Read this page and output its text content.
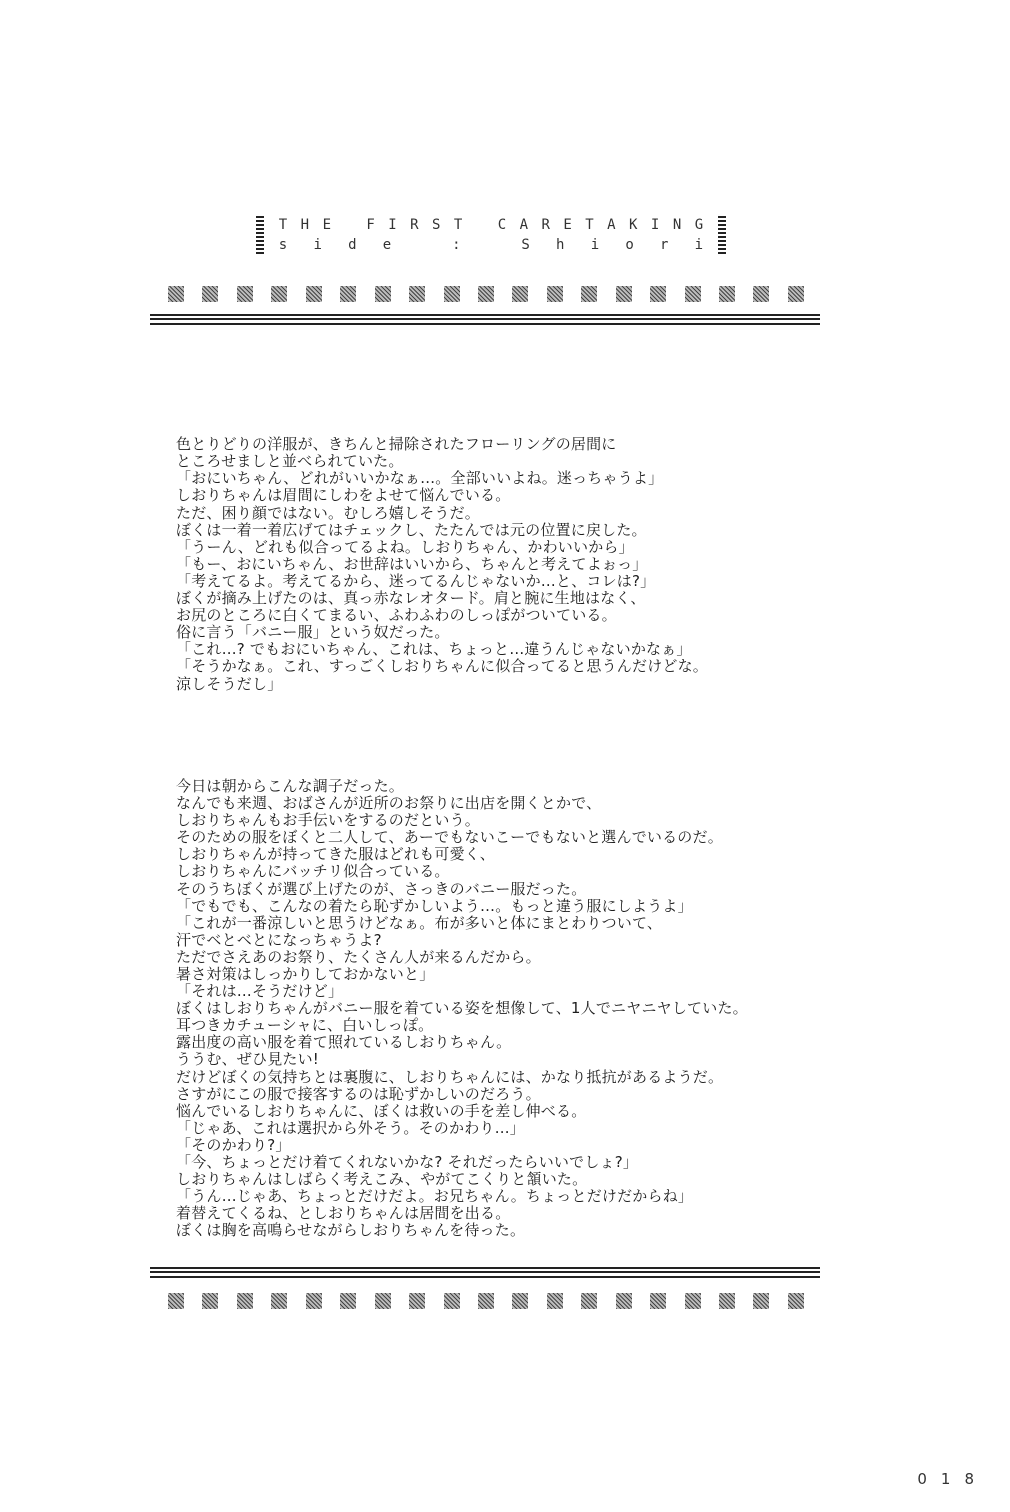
T H E
	F I R S T
	C A R E T A K I N G
s i d e
	:
	S h i o r i

色とりどりの洋服が、きちんと掃除されたフローリングの居間に
ところせましと並べられていた。
「おにいちゃん、どれがいいかなぁ…。全部いいよね。迷っちゃうよ」
しおりちゃんは眉間にしわをよせて悩んでいる。
ただ、困り顔ではない。むしろ嬉しそうだ。
ぼくは一着一着広げてはチェックし、たたんでは元の位置に戻した。
「うーん、どれも似合ってるよね。しおりちゃん、かわいいから」
「もー、おにいちゃん、お世辞はいいから、ちゃんと考えてよぉっ」
「考えてるよ。考えてるから、迷ってるんじゃないか…と、コレは?」
ぼくが摘み上げたのは、真っ赤なレオタード。肩と腕に生地はなく、
お尻のところに白くてまるい、ふわふわのしっぽがついている。
俗に言う「バニー服」という奴だった。
「これ…? でもおにいちゃん、これは、ちょっと…違うんじゃないかなぁ」
「そうかなぁ。これ、すっごくしおりちゃんに似合ってると思うんだけどな。
涼しそうだし」

今日は朝からこんな調子だった。
なんでも来週、おばさんが近所のお祭りに出店を開くとかで、
しおりちゃんもお手伝いをするのだという。
そのための服をぼくと二人して、あーでもないこーでもないと選んでいるのだ。
しおりちゃんが持ってきた服はどれも可愛く、
しおりちゃんにバッチリ似合っている。
そのうちぼくが選び上げたのが、さっきのバニー服だった。
「でもでも、こんなの着たら恥ずかしいよう…。もっと違う服にしようよ」
「これが一番涼しいと思うけどなぁ。布が多いと体にまとわりついて、
汗でベとベとになっちゃうよ?
ただでさえあのお祭り、たくさん人が来るんだから。
暑さ対策はしっかりしておかないと」
「それは…そうだけど」
ぼくはしおりちゃんがバニー服を着ている姿を想像して、1人でニヤニヤしていた。
耳つきカチューシャに、白いしっぽ。
露出度の高い服を着て照れているしおりちゃん。
ううむ、ぜひ見たい!
だけどぼくの気持ちとは裏腹に、しおりちゃんには、かなり抵抗があるようだ。
さすがにこの服で接客するのは恥ずかしいのだろう。
悩んでいるしおりちゃんに、ぼくは救いの手を差し伸べる。
「じゃあ、これは選択から外そう。そのかわり…」
「そのかわり?」
「今、ちょっとだけ着てくれないかな? それだったらいいでしょ?」
しおりちゃんはしばらく考えこみ、やがてこくりと頷いた。
「うん…じゃあ、ちょっとだけだよ。お兄ちゃん。ちょっとだけだからね」
着替えてくるね、としおりちゃんは居間を出る。
ぼくは胸を高鳴らせながらしおりちゃんを待った。

018
